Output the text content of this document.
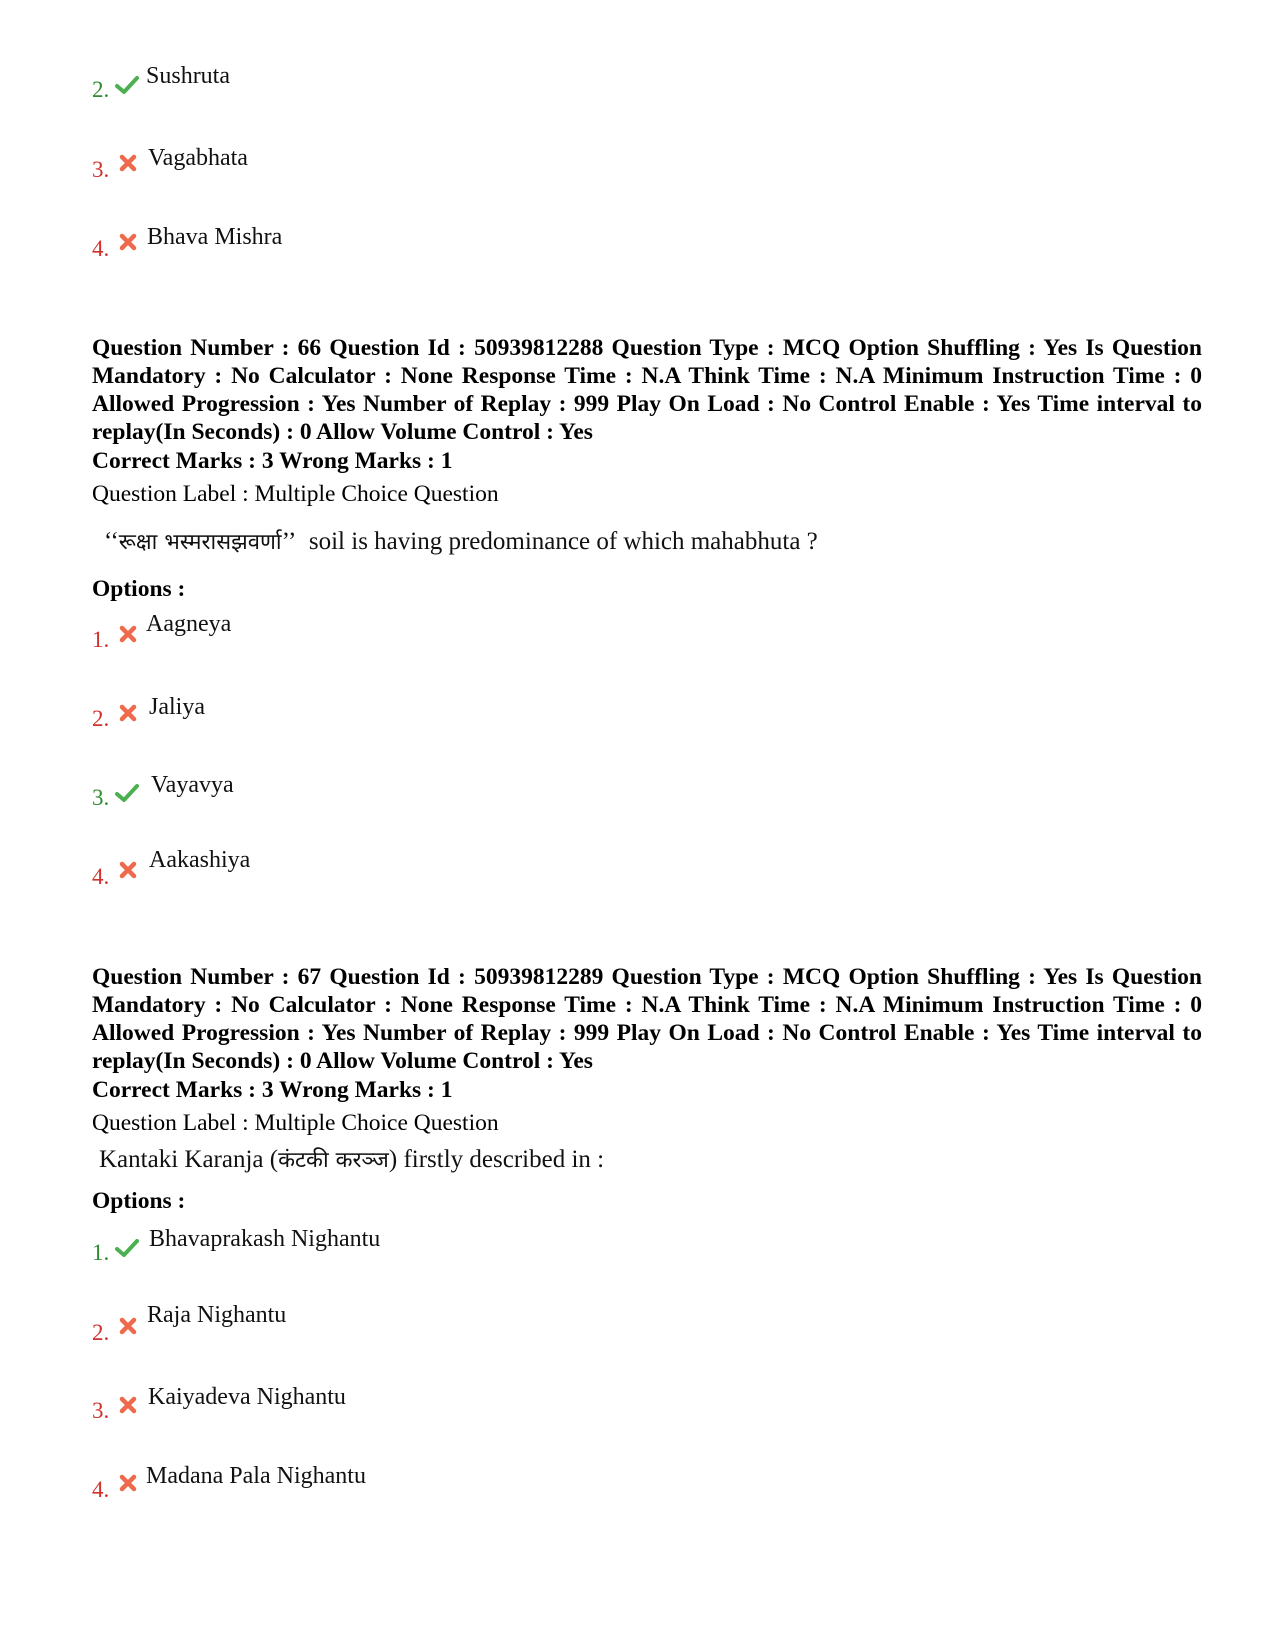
2.
Sushruta
3. Vagabhata
4. Bhava Mishra
Question Number : 66 Question Id : 50939812288 Question Type : MCQ Option Shuffling : Yes Is Question Mandatory : No Calculator : None Response Time : N.A Think Time : N.A Minimum Instruction Time : 0 Allowed Progression : Yes Number of Replay : 999 Play On Load : No Control Enable : Yes Time interval to replay(In Seconds) : 0 Allow Volume Control : Yes
Correct Marks : 3 Wrong Marks : 1
Question Label : Multiple Choice Question
‘‘रूक्षा भस्मरासझवर्णा’’ soil is having predominance of which mahabhuta ?
Options :
1.
Aagneya
2. Jaliya
3. Vayavya
4.
Aakashiya
Question Number : 67 Question Id : 50939812289 Question Type : MCQ Option Shuffling : Yes Is Question Mandatory : No Calculator : None Response Time : N.A Think Time : N.A Minimum Instruction Time : 0 Allowed Progression : Yes Number of Replay : 999 Play On Load : No Control Enable : Yes Time interval to replay(In Seconds) : 0 Allow Volume Control : Yes
Correct Marks : 3 Wrong Marks : 1
Question Label : Multiple Choice Question
Kantaki Karanja (कंटकी करञ्ज) firstly described in :
Options :
1.
Bhavaprakash Nighantu
2.
Raja Nighantu
3.
Kaiyadeva Nighantu
4.
Madana Pala Nighantu
